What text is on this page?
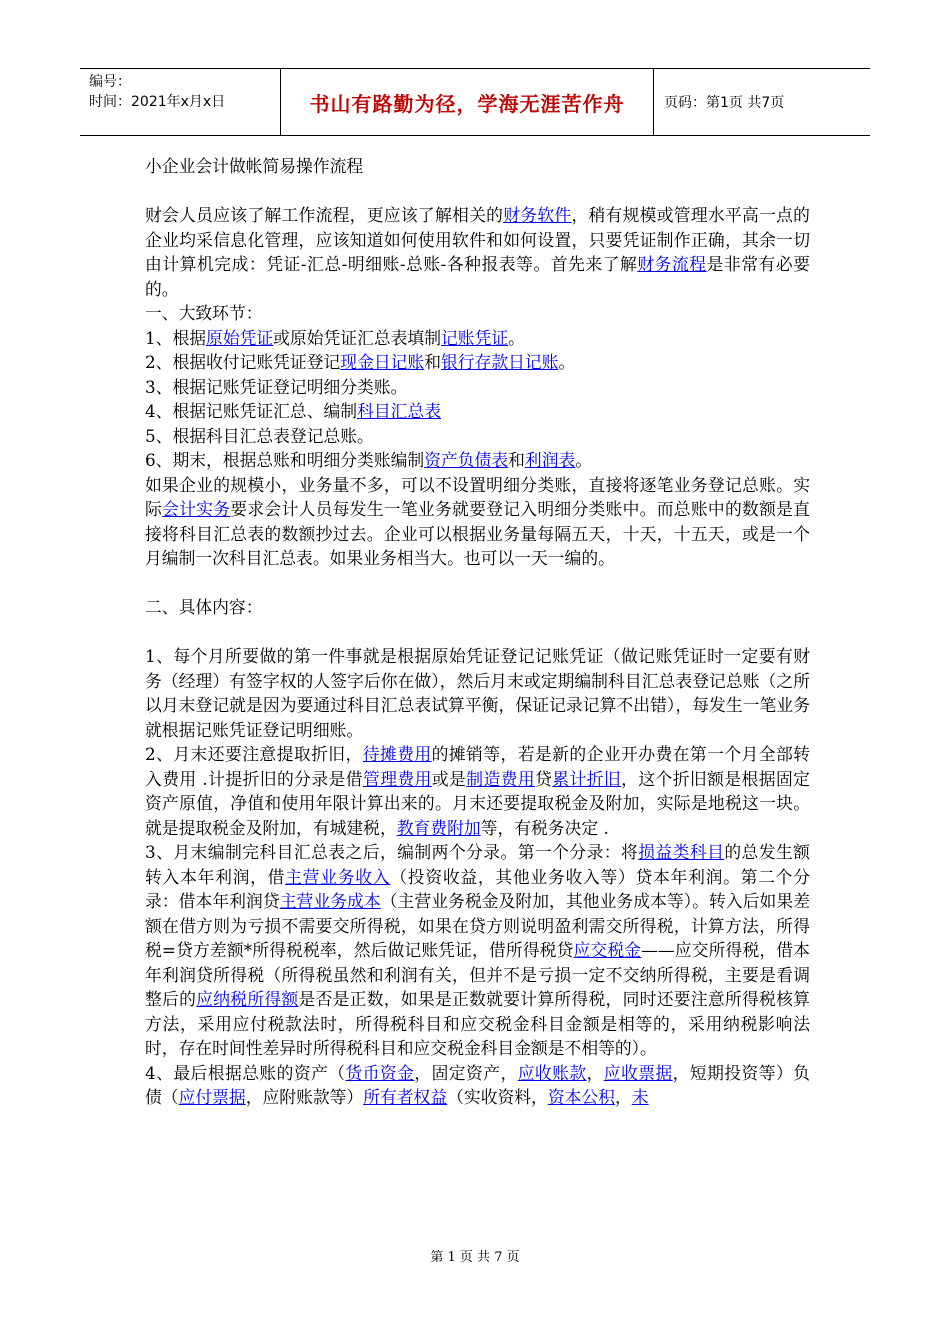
编号：
时间：2021年x月x日	书山有路勤为径，学海无涯苦作舟	页码：第1页 共7页

小企业会计做帐简易操作流程

财会人员应该了解工作流程，更应该了解相关的财务软件，稍有规模或管理水平高一点的企业均采信息化管理，应该知道如何使用软件和如何设置，只要凭证制作正确，其余一切由计算机完成：凭证-汇总-明细账-总账-各种报表等。首先来了解财务流程是非常有必要的。

一、大致环节：

1、根据原始凭证或原始凭证汇总表填制记账凭证。

2、根据收付记账凭证登记现金日记账和银行存款日记账。

3、根据记账凭证登记明细分类账。

4、根据记账凭证汇总、编制科目汇总表

5、根据科目汇总表登记总账。

6、期末，根据总账和明细分类账编制资产负债表和利润表。

如果企业的规模小，业务量不多，可以不设置明细分类账，直接将逐笔业务登记总账。实际会计实务要求会计人员每发生一笔业务就要登记入明细分类账中。而总账中的数额是直接将科目汇总表的数额抄过去。企业可以根据业务量每隔五天，十天，十五天，或是一个月编制一次科目汇总表。如果业务相当大。也可以一天一编的。

二、具体内容：

1、每个月所要做的第一件事就是根据原始凭证登记记账凭证（做记账凭证时一定要有财务（经理）有签字权的人签字后你在做），然后月末或定期编制科目汇总表登记总账（之所以月末登记就是因为要通过科目汇总表试算平衡，保证记录记算不出错），每发生一笔业务就根据记账凭证登记明细账。

2、月末还要注意提取折旧，待摊费用的摊销等，若是新的企业开办费在第一个月全部转入费用 .计提折旧的分录是借管理费用或是制造费用贷累计折旧，这个折旧额是根据固定资产原值，净值和使用年限计算出来的。月末还要提取税金及附加，实际是地税这一块。就是提取税金及附加，有城建税，教育费附加等，有税务决定 .

3、月末编制完科目汇总表之后，编制两个分录。第一个分录：将损益类科目的总发生额转入本年利润，借主营业务收入（投资收益，其他业务收入等）贷本年利润。第二个分录：借本年利润贷主营业务成本（主营业务税金及附加，其他业务成本等）。转入后如果差额在借方则为亏损不需要交所得税，如果在贷方则说明盈利需交所得税，计算方法，所得税=贷方差额*所得税税率，然后做记账凭证，借所得税贷应交税金——应交所得税，借本年利润贷所得税（所得税虽然和利润有关，但并不是亏损一定不交纳所得税，主要是看调整后的应纳税所得额是否是正数，如果是正数就要计算所得税，同时还要注意所得税核算方法，采用应付税款法时，所得税科目和应交税金科目金额是相等的，采用纳税影响法时，存在时间性差异时所得税科目和应交税金科目金额是不相等的）。

4、最后根据总账的资产（货币资金，固定资产，应收账款，应收票据，短期投资等）负债（应付票据，应附账款等）所有者权益（实收资料，资本公积，未

第 1 页 共 7 页
